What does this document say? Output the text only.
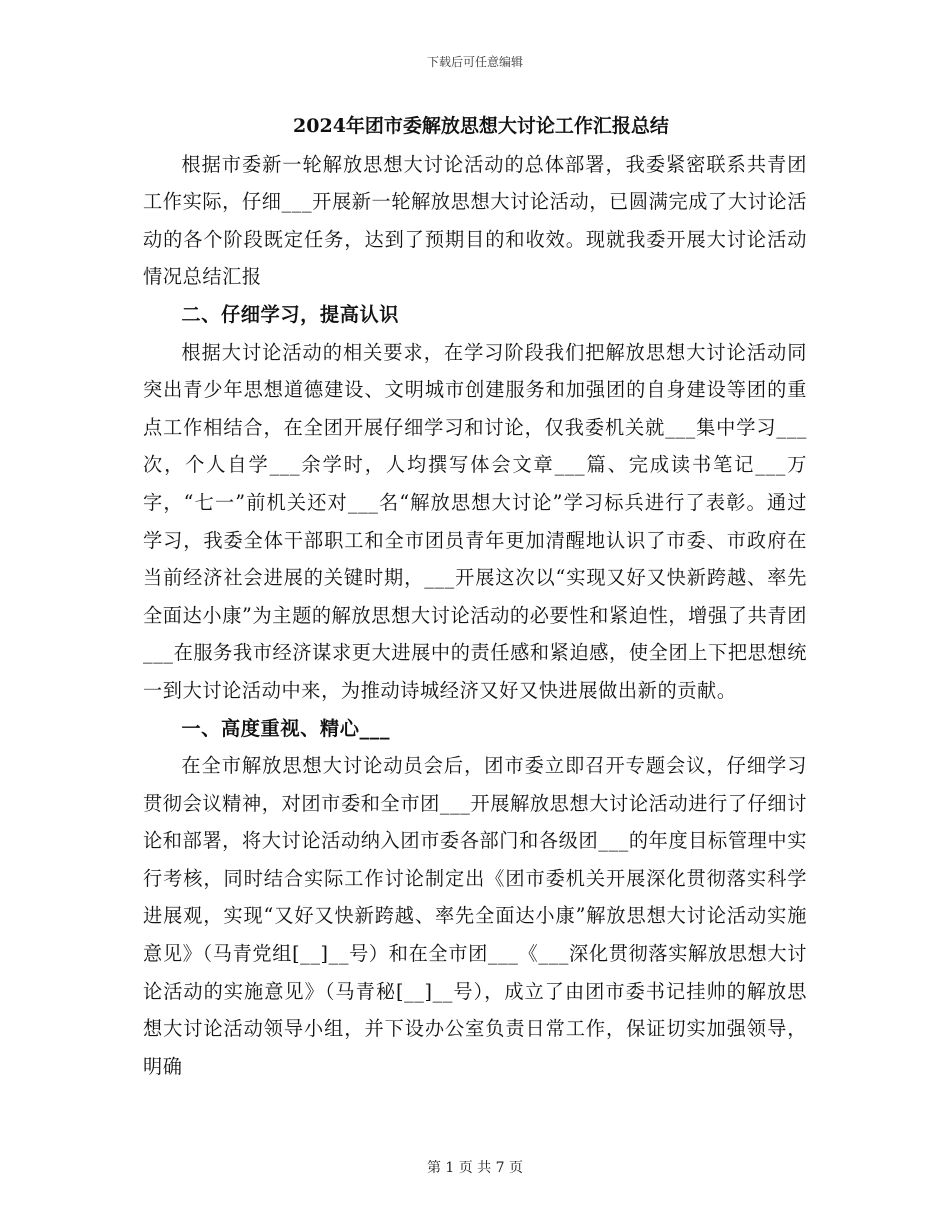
下载后可任意编辑
2024年团市委解放思想大讨论工作汇报总结

根据市委新一轮解放思想大讨论活动的总体部署，我委紧密联系共青团工作实际，仔细___开展新一轮解放思想大讨论活动，已圆满完成了大讨论活动的各个阶段既定任务，达到了预期目的和收效。现就我委开展大讨论活动情况总结汇报

二、仔细学习，提高认识

根据大讨论活动的相关要求，在学习阶段我们把解放思想大讨论活动同突出青少年思想道德建设、文明城市创建服务和加强团的自身建设等团的重点工作相结合，在全团开展仔细学习和讨论，仅我委机关就___集中学习___次，个人自学___余学时，人均撰写体会文章___篇、完成读书笔记___万字，“七一”前机关还对___名“解放思想大讨论”学习标兵进行了表彰。通过学习，我委全体干部职工和全市团员青年更加清醒地认识了市委、市政府在当前经济社会进展的关键时期，___开展这次以“实现又好又快新跨越、率先全面达小康”为主题的解放思想大讨论活动的必要性和紧迫性，增强了共青团___在服务我市经济谋求更大进展中的责任感和紧迫感，使全团上下把思想统一到大讨论活动中来，为推动诗城经济又好又快进展做出新的贡献。

一、高度重视、精心___

在全市解放思想大讨论动员会后，团市委立即召开专题会议，仔细学习贯彻会议精神，对团市委和全市团___开展解放思想大讨论活动进行了仔细讨论和部署，将大讨论活动纳入团市委各部门和各级团___的年度目标管理中实行考核，同时结合实际工作讨论制定出《团市委机关开展深化贯彻落实科学进展观，实现“又好又快新跨越、率先全面达小康”解放思想大讨论活动实施意见》（马青党组[__]__号）和在全市团___《___深化贯彻落实解放思想大讨论活动的实施意见》（马青秘[__]__号），成立了由团市委书记挂帅的解放思想大讨论活动领导小组，并下设办公室负责日常工作，保证切实加强领导，明确

第 1 页 共 7 页
